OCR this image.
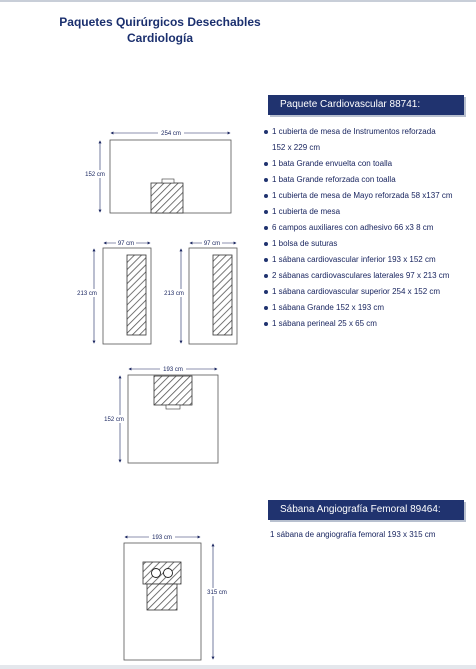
Paquetes Quirúrgicos Desechables
Cardiología
Paquete Cardiovascular 88741:
1 cubierta de mesa de Instrumentos reforzada
152 x 229 cm
1 bata Grande envuelta con toalla
1 bata Grande reforzada con toalla
1 cubierta de mesa de Mayo reforzada 58 x137 cm
1 cubierta de mesa
6 campos auxiliares con adhesivo 66 x3 8 cm
1 bolsa de suturas
1 sábana cardiovascular inferior 193 x 152 cm
2 sábanas cardiovasculares laterales 97 x 213 cm
1 sábana cardiovascular superior 254 x 152 cm
1 sábana Grande 152 x 193 cm
1 sábana perineal 25 x 65 cm
Sábana Angiografía Femoral 89464:
1 sábana de angiografía femoral 193 x 315 cm
254 cm
152 cm
97 cm
213 cm
97 cm
213 cm
193 cm
152 cm
193 cm
315 cm
